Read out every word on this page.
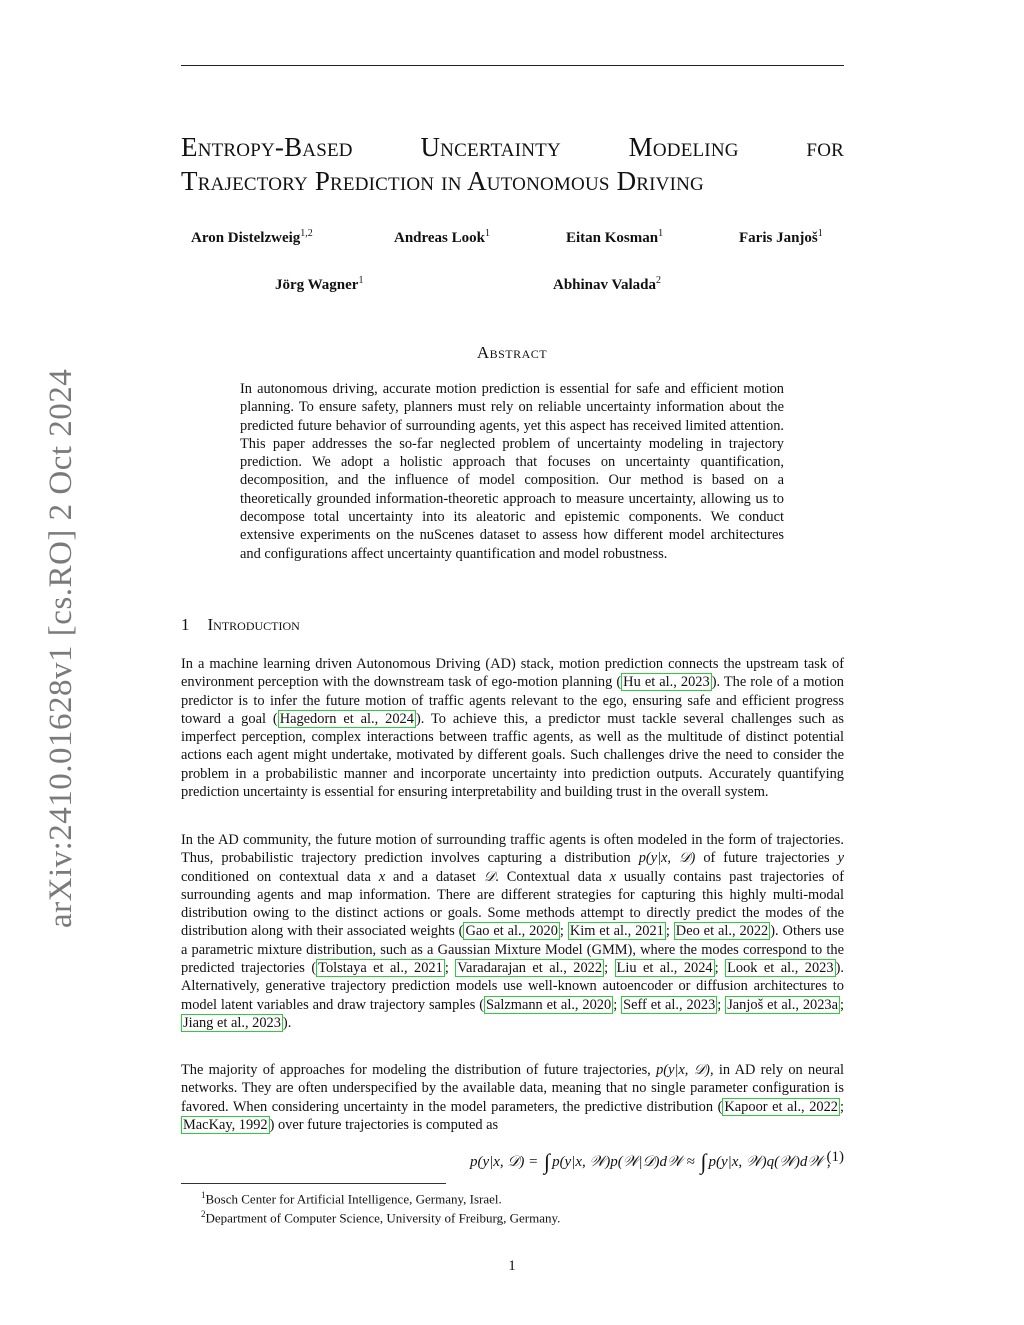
arXiv:2410.01628v1 [cs.RO] 2 Oct 2024
Entropy-Based	Uncertainty	Modeling	for
Trajectory Prediction in Autonomous Driving
Aron Distelzweig$^{1,2}$	Andreas Look$^1$	Eitan Kosman$^1$	Faris Janjoš$^1$
Jörg Wagner$^1$	Abhinav Valada$^2$
Abstract

In autonomous driving, accurate motion prediction is essential for safe and efficient motion planning. To ensure safety, planners must rely on reliable uncertainty information about the predicted future behavior of surrounding agents, yet this aspect has received limited attention. This paper addresses the so-far neglected problem of uncertainty modeling in trajectory prediction. We adopt a holistic approach that focuses on uncertainty quantification, decomposition, and the influence of model composition. Our method is based on a theoretically grounded information-theoretic approach to measure uncertainty, allowing us to decompose total uncertainty into its aleatoric and epistemic components. We conduct extensive experiments on the nuScenes dataset to assess how different model architectures and configurations affect uncertainty quantification and model robustness.

1 Introduction

In a machine learning driven Autonomous Driving (AD) stack, motion prediction connects the upstream task of environment perception with the downstream task of ego-motion planning ( Hu et al., 2023 ). The role of a motion predictor is to infer the future motion of traffic agents relevant to the ego, ensuring safe and efficient progress toward a goal ( Hagedorn et al., 2024 ). To achieve this, a predictor must tackle several challenges such as imperfect perception, complex interactions between traffic agents, as well as the multitude of distinct potential actions each agent might undertake, motivated by different goals. Such challenges drive the need to consider the problem in a probabilistic manner and incorporate uncertainty into prediction outputs. Accurately quantifying prediction uncertainty is essential for ensuring interpretability and building trust in the overall system.

In the AD community, the future motion of surrounding traffic agents is often modeled in the form of trajectories. Thus, probabilistic trajectory prediction involves capturing a distribution p(y|x, 𝒟) of future trajectories y conditioned on contextual data x and a dataset 𝒟. Contextual data x usually contains past trajectories of surrounding agents and map information. There are different strategies for capturing this highly multi-modal distribution owing to the distinct actions or goals. Some methods attempt to directly predict the modes of the distribution along with their associated weights ( Gao et al., 2020 ; Kim et al., 2021 ; Deo et al., 2022 ). Others use a parametric mixture distribution, such as a Gaussian Mixture Model (GMM), where the modes correspond to the predicted trajectories ( Tolstaya et al., 2021 ; Varadarajan et al., 2022 ; Liu et al., 2024 ; Look et al., 2023 ). Alternatively, generative trajectory prediction models use well-known autoencoder or diffusion architectures to model latent variables and draw trajectory samples ( Salzmann et al., 2020 ; Seff et al., 2023 ; Janjoš et al., 2023a ; Jiang et al., 2023 ).

The majority of approaches for modeling the distribution of future trajectories, p(y|x, 𝒟), in AD rely on neural networks. They are often underspecified by the available data, meaning that no single parameter configuration is favored. When considering uncertainty in the model parameters, the predictive distribution ( Kapoor et al., 2022 ; MacKay, 1992 ) over future trajectories is computed as

p(y|x, 𝒟) = ∫ p(y|x, 𝒲)p(𝒲|𝒟)d𝒲 ≈ ∫ p(y|x, 𝒲)q(𝒲)d𝒲 ,
(1)
$^1$Bosch Center for Artificial Intelligence, Germany, Israel.
$^2$Department of Computer Science, University of Freiburg, Germany.
1
